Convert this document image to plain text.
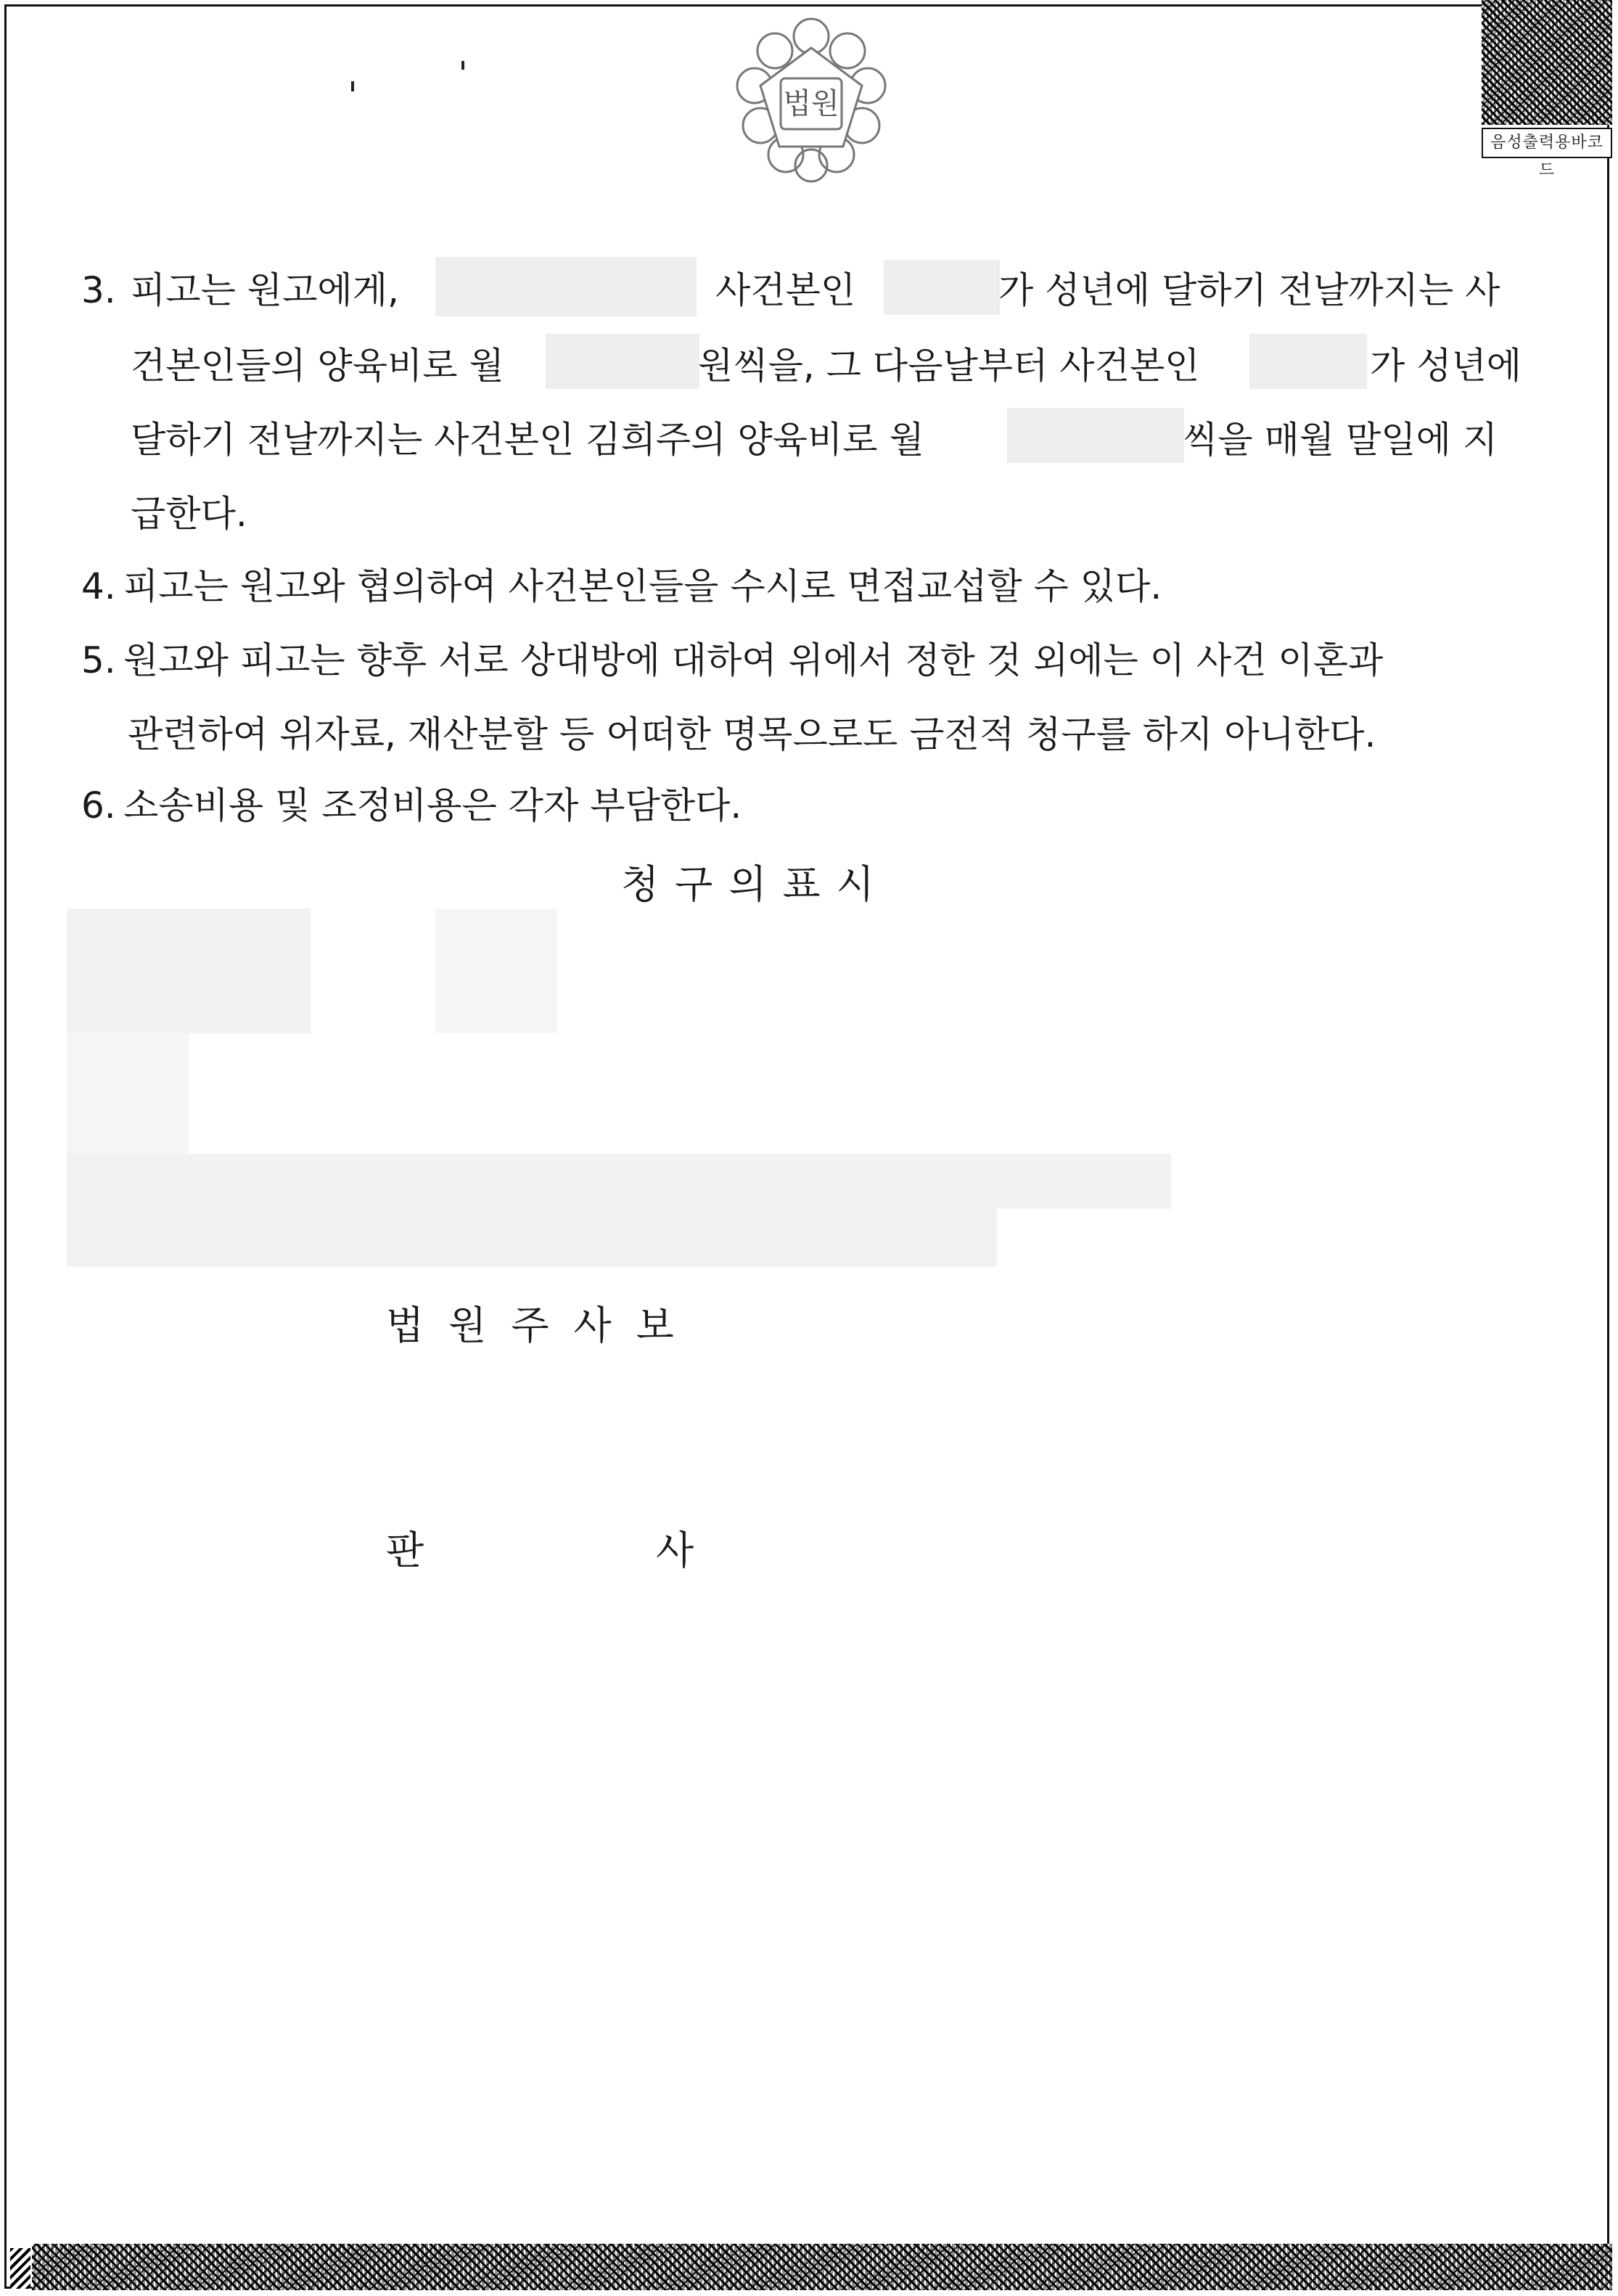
법원
음성출력용바코드
3. 피고는 원고에게,	사건본인	가 성년에 달하기 전날까지는 사
건본인들의 양육비로 월	원씩을, 그 다음날부터 사건본인	가 성년에
달하기 전날까지는 사건본인 김희주의 양육비로 월	씩을 매월 말일에 지
급한다.
4. 피고는 원고와 협의하여 사건본인들을 수시로 면접교섭할 수 있다.
5. 원고와 피고는 향후 서로 상대방에 대하여 위에서 정한 것 외에는 이 사건 이혼과
관련하여 위자료, 재산분할 등 어떠한 명목으로도 금전적 청구를 하지 아니한다.
6. 소송비용 및 조정비용은 각자 부담한다.
청구의표시
법원주사보
판	사
